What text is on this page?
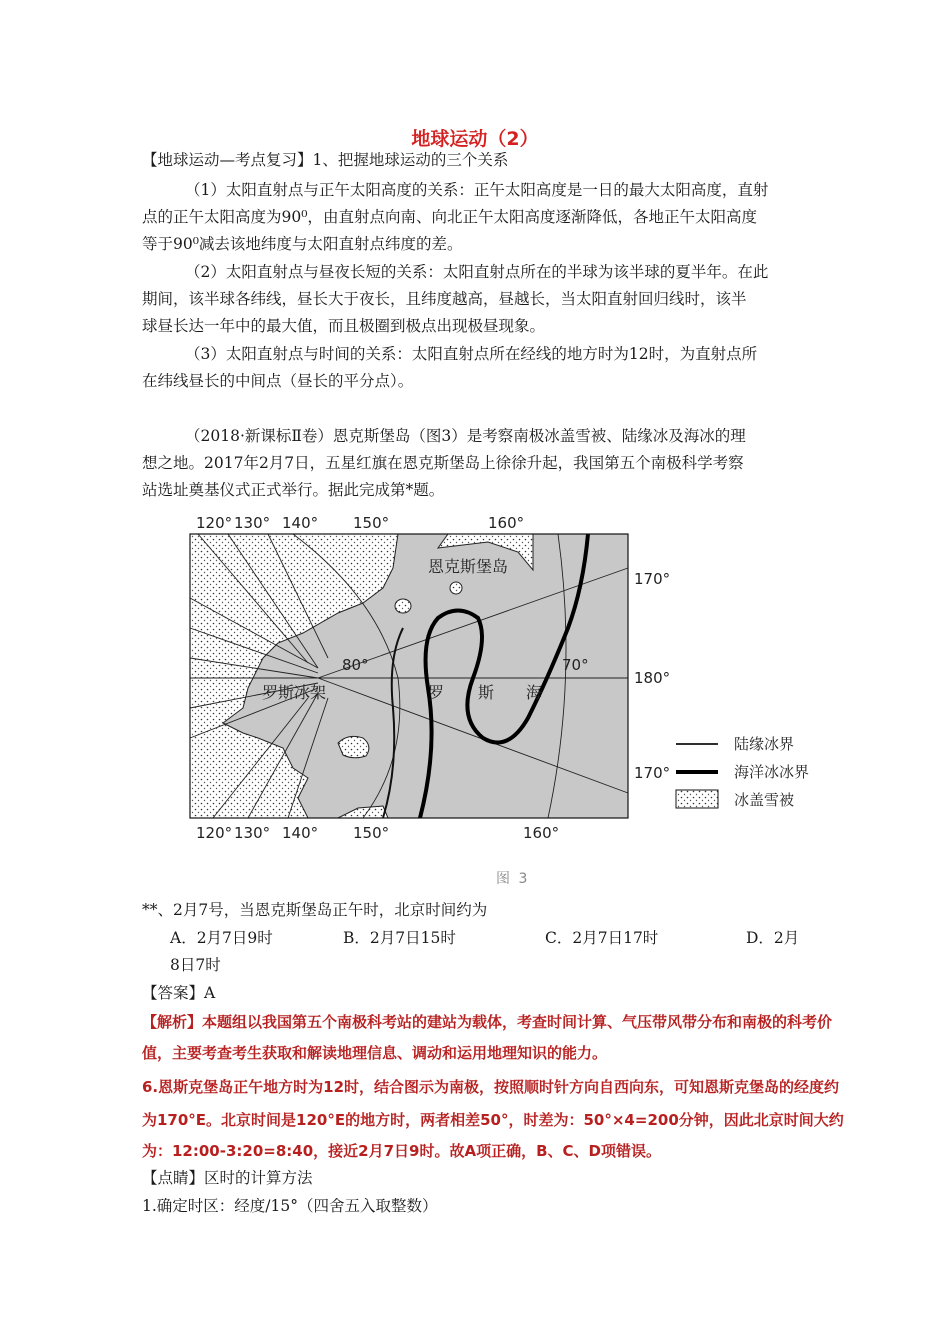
地球运动（2）
【地球运动—考点复习】1、把握地球运动的三个关系
（1）太阳直射点与正午太阳高度的关系：正午太阳高度是一日的最大太阳高度，直射
点的正午太阳高度为90⁰，由直射点向南、向北正午太阳高度逐渐降低，各地正午太阳高度
等于90⁰减去该地纬度与太阳直射点纬度的差。
（2）太阳直射点与昼夜长短的关系：太阳直射点所在的半球为该半球的夏半年。在此
期间，该半球各纬线，昼长大于夜长，且纬度越高，昼越长，当太阳直射回归线时，该半
球昼长达一年中的最大值，而且极圈到极点出现极昼现象。
（3）太阳直射点与时间的关系：太阳直射点所在经线的地方时为12时，为直射点所
在纬线昼长的中间点（昼长的平分点）。
（2018·新课标Ⅱ卷）恩克斯堡岛（图3）是考察南极冰盖雪被、陆缘冰及海冰的理
想之地。2017年2月7日，五星红旗在恩克斯堡岛上徐徐升起，我国第五个南极科学考察
站选址奠基仪式正式举行。据此完成第*题。
120° 130° 140° 150°	160°
120° 130° 140° 150°	160°
170°
180°
170°
80°	70°
恩克斯堡岛
罗斯冰架	罗 斯 海
陆缘冰界
海洋冰冰界
冰盖雪被
图 3
**、2月7号，当恩克斯堡岛正午时，北京时间约为
A．2月7日9时	B．2月7日15时	C．2月7日17时	D．2月
8日7时
【答案】A
【解析】本题组以我国第五个南极科考站的建站为载体，考查时间计算、气压带风带分布和南极的科考价
值，主要考查考生获取和解读地理信息、调动和运用地理知识的能力。
6.恩斯克堡岛正午地方时为12时，结合图示为南极，按照顺时针方向自西向东，可知恩斯克堡岛的经度约
为170°E。北京时间是120°E的地方时，两者相差50°，时差为：50°×4=200分钟，因此北京时间大约
为：12:00-3:20=8:40，接近2月7日9时。故A项正确，B、C、D项错误。
【点睛】区时的计算方法
1.确定时区：经度/15°（四舍五入取整数）
